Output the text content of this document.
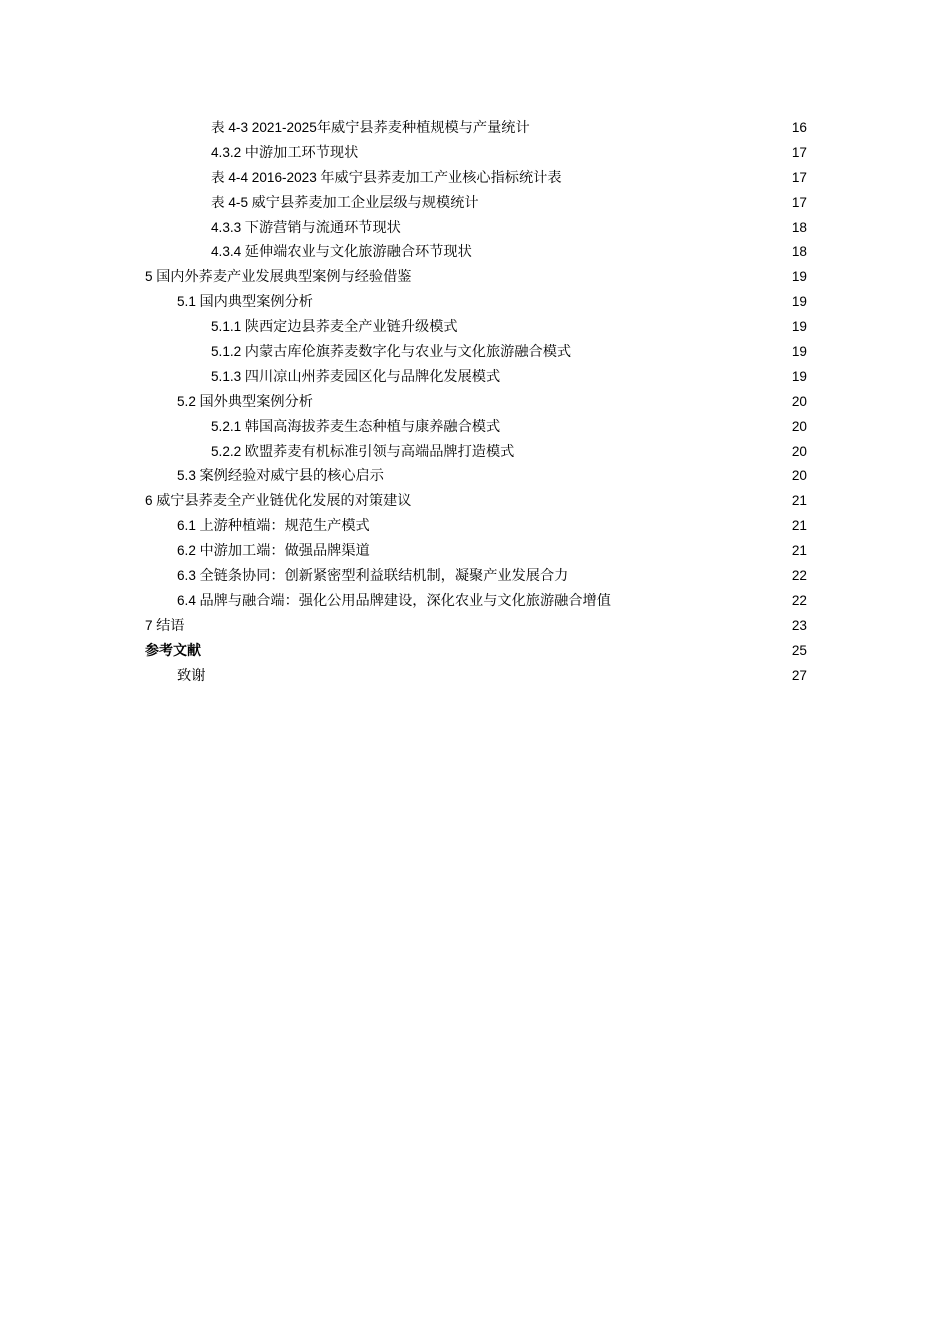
表 4-3 2021-2025年威宁县荞麦种植规模与产量统计	16
4.3.2 中游加工环节现状	17
表 4-4 2016-2023 年威宁县荞麦加工产业核心指标统计表	17
表 4-5 威宁县荞麦加工企业层级与规模统计	17
4.3.3 下游营销与流通环节现状	18
4.3.4 延伸端农业与文化旅游融合环节现状	18
5 国内外荞麦产业发展典型案例与经验借鉴	19
5.1 国内典型案例分析	19
5.1.1 陕西定边县荞麦全产业链升级模式	19
5.1.2 内蒙古库伦旗荞麦数字化与农业与文化旅游融合模式	19
5.1.3 四川凉山州荞麦园区化与品牌化发展模式	19
5.2 国外典型案例分析	20
5.2.1 韩国高海拔荞麦生态种植与康养融合模式	20
5.2.2 欧盟荞麦有机标准引领与高端品牌打造模式	20
5.3 案例经验对威宁县的核心启示	20
6 威宁县荞麦全产业链优化发展的对策建议	21
6.1 上游种植端：规范生产模式	21
6.2 中游加工端：做强品牌渠道	21
6.3 全链条协同：创新紧密型利益联结机制，凝聚产业发展合力	22
6.4 品牌与融合端：强化公用品牌建设，深化农业与文化旅游融合增值	22
7 结语	23
参考文献	25
致谢	27
